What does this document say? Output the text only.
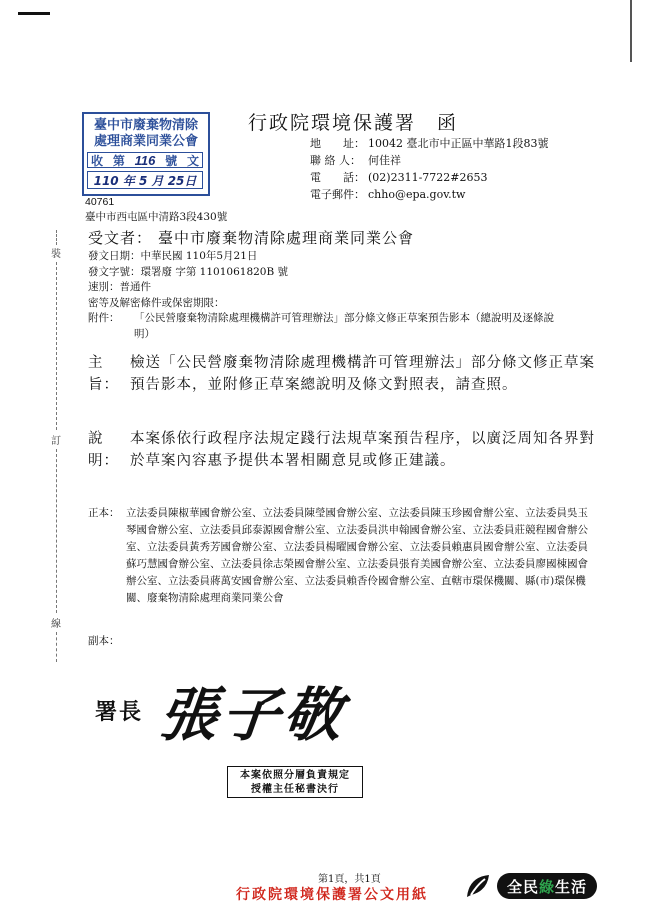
臺中市廢棄物清除
處理商業同業公會
收 第 116 號 文
110 年 5 月 25日
行政院環境保護署　函
地　　址： 10042 臺北市中正區中華路1段83號
聯 絡 人： 何佳祥
電　　話： (02)2311-7722#2653
電子郵件： chho@epa.gov.tw
40761
臺中市西屯區中清路3段430號
受文者： 臺中市廢棄物清除處理商業同業公會
發文日期： 中華民國 110年5月21日
發文字號： 環署廢 字第 1101061820B 號
速別： 普通件
密等及解密條件或保密期限：
附件：	「公民營廢棄物清除處理機構許可管理辦法」部分條文修正草案預告影本（總說明及逐條說明）
裝
訂
線
主旨：
檢送「公民營廢棄物清除處理機構許可管理辦法」部分條文修正草案預告影本，並附修正草案總說明及條文對照表，請查照。
說明：
本案係依行政程序法規定踐行法規草案預告程序，以廣泛周知各界對於草案內容惠予提供本署相關意見或修正建議。
正本： 立法委員陳椒華國會辦公室、立法委員陳瑩國會辦公室、立法委員陳玉珍國會辦公室、立法委員吳玉琴國會辦公室、立法委員邱泰源國會辦公室、立法委員洪申翰國會辦公室、立法委員莊競程國會辦公室、立法委員黃秀芳國會辦公室、立法委員楊曜國會辦公室、立法委員賴惠員國會辦公室、立法委員蘇巧慧國會辦公室、立法委員徐志榮國會辦公室、立法委員張育美國會辦公室、立法委員廖國棟國會辦公室、立法委員蔣萬安國會辦公室、立法委員賴香伶國會辦公室、直轄市環保機關、縣(市)環保機關、廢棄物清除處理商業同業公會
副本：
署長 張子敬
本案依照分層負責規定
授權主任秘書決行
第1頁，共1頁
行政院環境保護署公文用紙	全民 綠 生活
